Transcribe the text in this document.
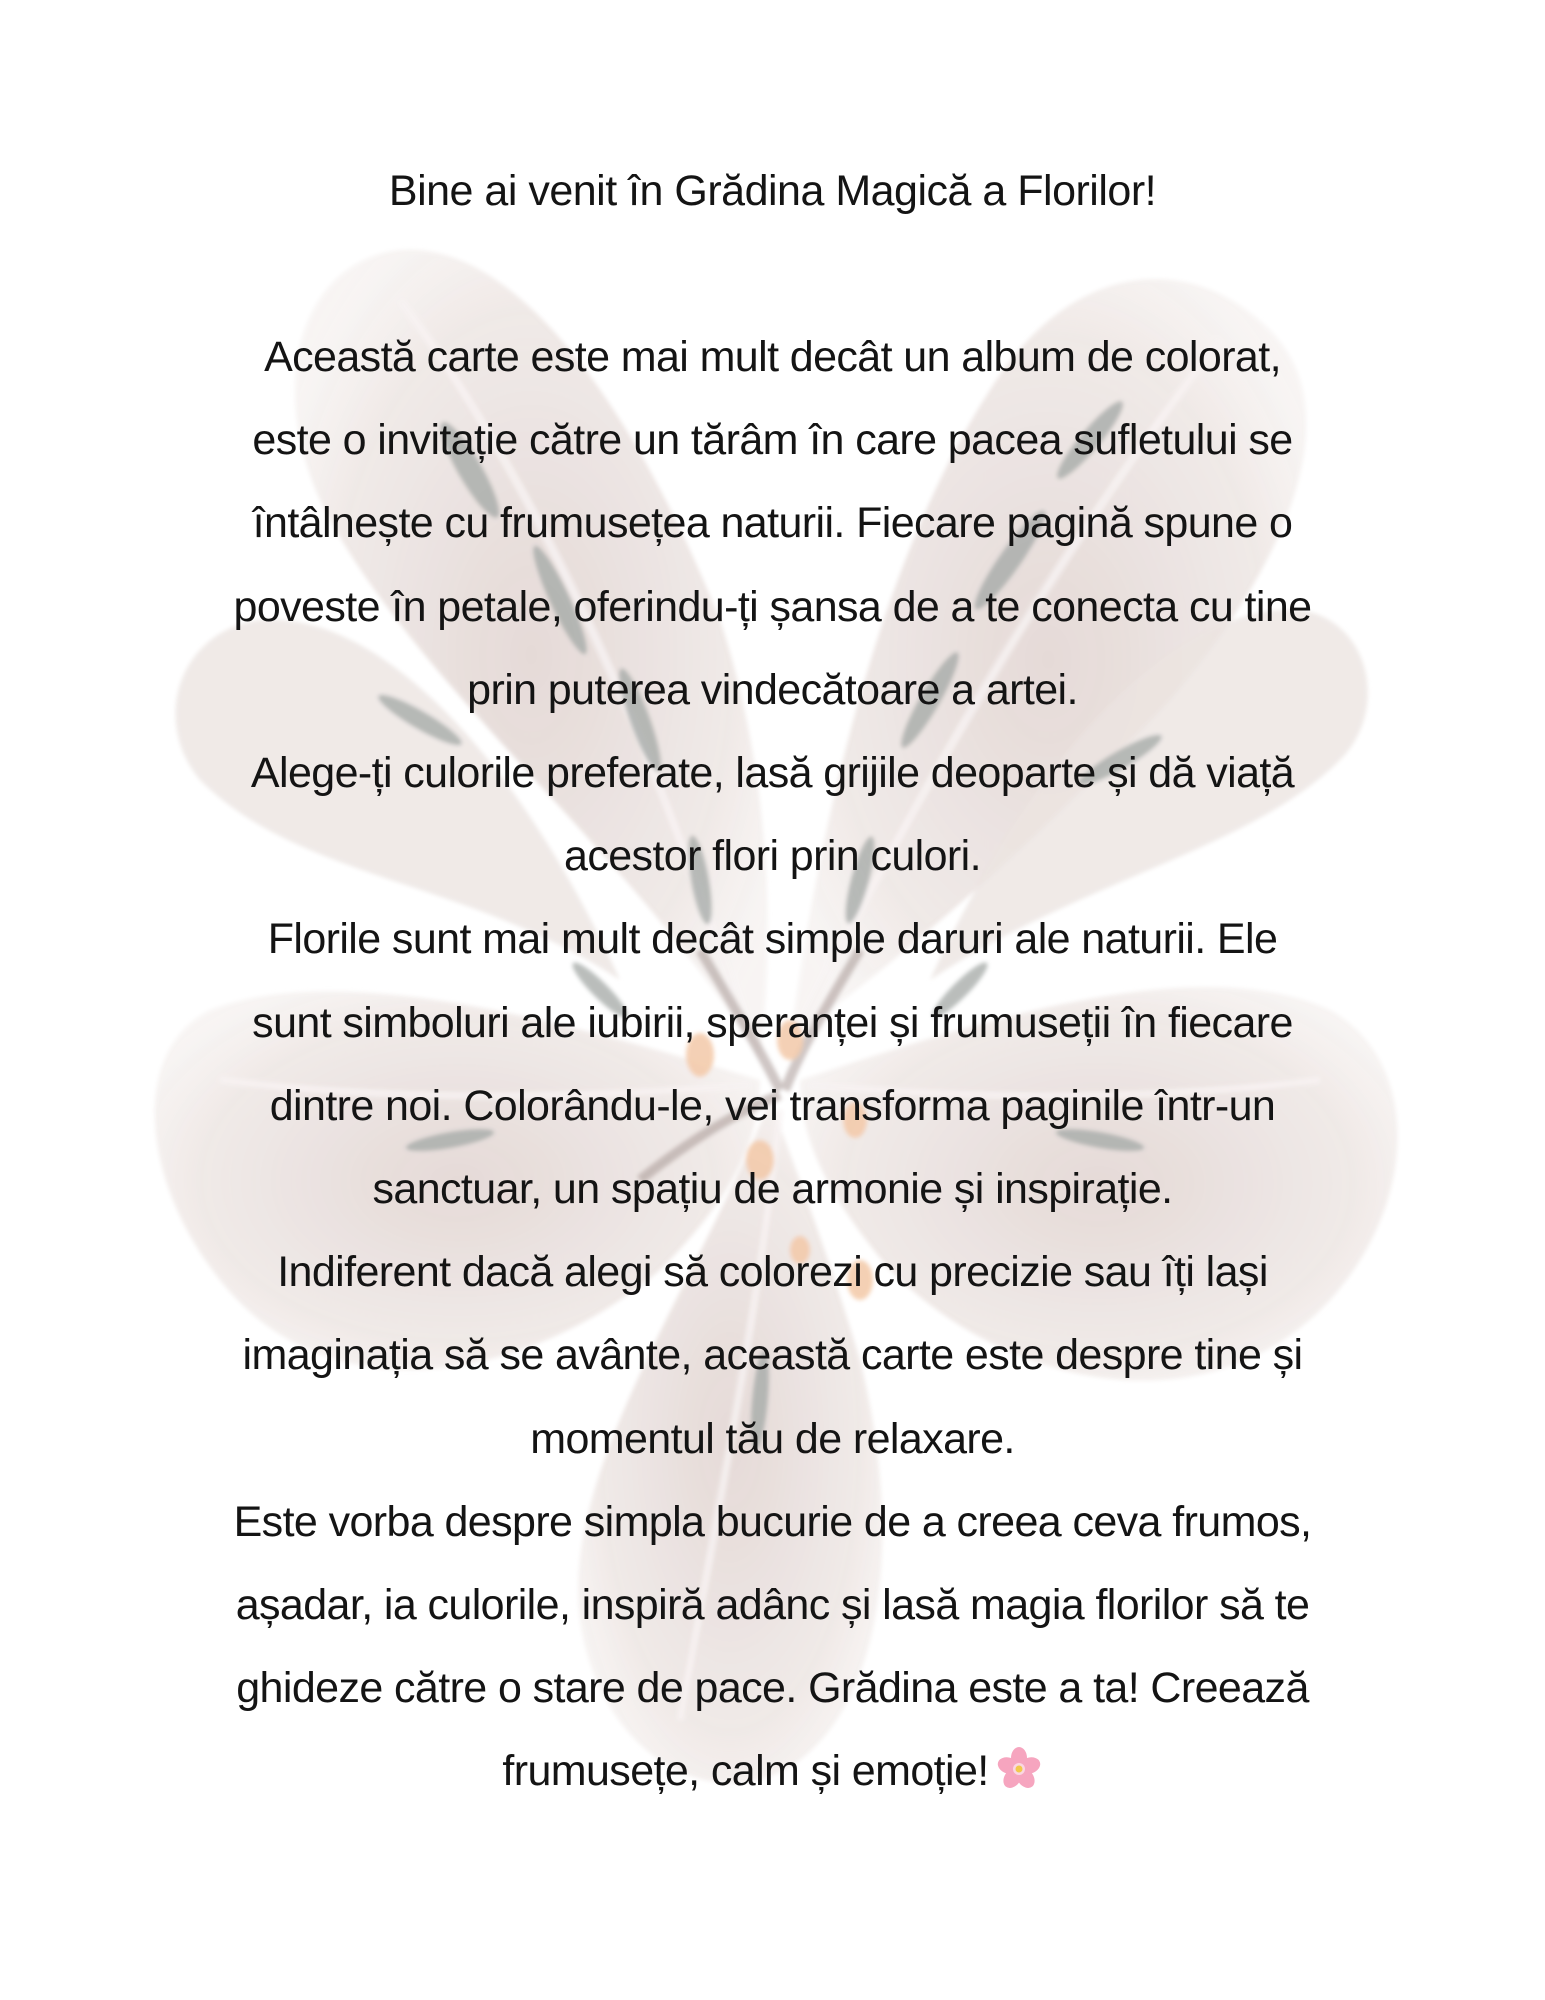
Bine ai venit în Grădina Magică a Florilor!

Această carte este mai mult decât un album de colorat,
este o invitație către un tărâm în care pacea sufletului se
întâlnește cu frumusețea naturii. Fiecare pagină spune o
poveste în petale, oferindu-ți șansa de a te conecta cu tine
prin puterea vindecătoare a artei.

Alege-ți culorile preferate, lasă grijile deoparte și dă viață
acestor flori prin culori.

Florile sunt mai mult decât simple daruri ale naturii. Ele
sunt simboluri ale iubirii, speranței și frumuseții în fiecare
dintre noi. Colorându-le, vei transforma paginile într-un
sanctuar, un spațiu de armonie și inspirație.

Indiferent dacă alegi să colorezi cu precizie sau îți lași
imaginația să se avânte, această carte este despre tine și
momentul tău de relaxare.

Este vorba despre simpla bucurie de a creea ceva frumos,
așadar, ia culorile, inspiră adânc și lasă magia florilor să te
ghideze către o stare de pace. Grădina este a ta! Creează
frumusețe, calm și emoție!
